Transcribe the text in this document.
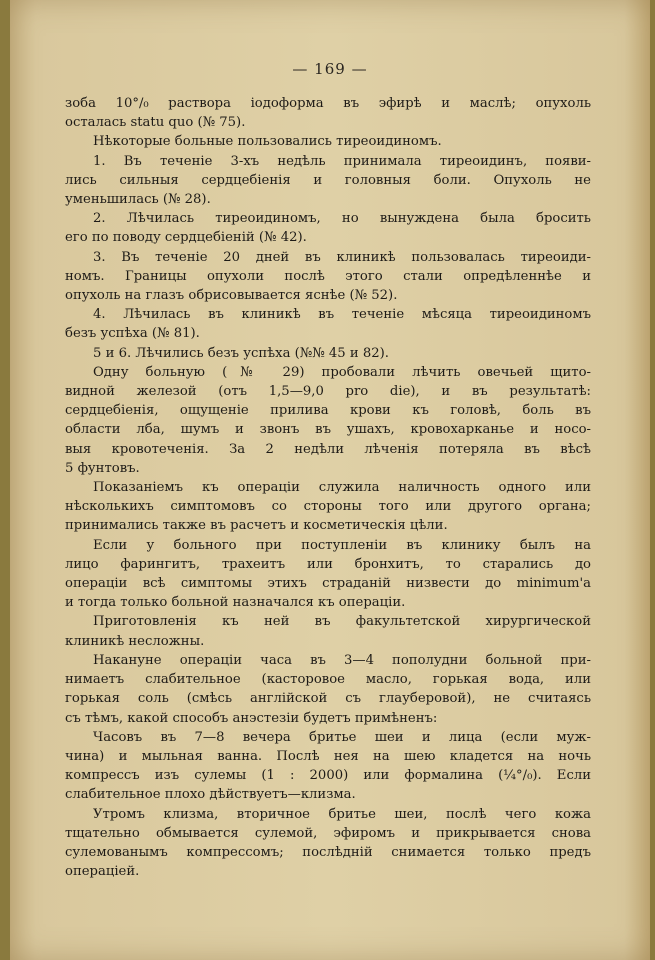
— 169 —
зоба 10°/₀ раствора іодоформа въ эфирѣ и маслѣ; опухоль
осталась statu quo (№ 75).
Нѣкоторые больные пользовались тиреоидиномъ.
1. Въ теченіе 3-хъ недѣль принимала тиреоидинъ, появи-
лись сильныя сердцебіенія и головныя боли. Опухоль не
уменьшилась (№ 28).
2. Лѣчилась тиреоидиномъ, но вынуждена была бросить
его по поводу сердцебіеній (№ 42).
3. Въ теченіе 20 дней въ клиникѣ пользовалась тиреоиди-
номъ. Границы опухоли послѣ этого стали опредѣленнѣе и
опухоль на глазъ обрисовывается яснѣе (№ 52).
4. Лѣчилась въ клиникѣ въ теченіе мѣсяца тиреоидиномъ
безъ успѣха (№ 81).
5 и 6. Лѣчились безъ успѣха (№№ 45 и 82).
Одну больную (№ 29) пробовали лѣчить овечьей щито-
видной железой (отъ 1,5—9,0 pro die), и въ результатѣ:
сердцебіенія, ощущеніе прилива крови къ головѣ, боль въ
области лба, шумъ и звонъ въ ушахъ, кровохарканье и носо-
выя кровотеченія. За 2 недѣли лѣченія потеряла въ вѣсѣ
5 фунтовъ.
Показаніемъ къ операціи служила наличность одного или
нѣсколькихъ симптомовъ со стороны того или другого органа;
принимались также въ расчетъ и косметическія цѣли.
Если у больного при поступленіи въ клинику былъ на
лицо фарингитъ, трахеитъ или бронхитъ, то старались до
операціи всѣ симптомы этихъ страданій низвести до minimum'а
и тогда только больной назначался къ операціи.
Приготовленія къ ней въ факультетской хирургической
клиникѣ несложны.
Накануне операціи часа въ 3—4 пополудни больной при-
нимаетъ слабительное (касторовое масло, горькая вода, или
горькая соль (смѣсь англійской съ глауберовой), не считаясь
съ тѣмъ, какой способъ анэстезіи будетъ примѣненъ:
Часовъ въ 7—8 вечера бритье шеи и лица (если муж-
чина) и мыльная ванна. Послѣ нея на шею кладется на ночь
компрессъ изъ сулемы (1 : 2000) или формалина (¼°/₀). Если
слабительное плохо дѣйствуетъ—клизма.
Утромъ клизма, вторичное бритье шеи, послѣ чего кожа
тщательно обмывается сулемой, эфиромъ и прикрывается снова
сулемованымъ компрессомъ; послѣдній снимается только предъ
операціей.
